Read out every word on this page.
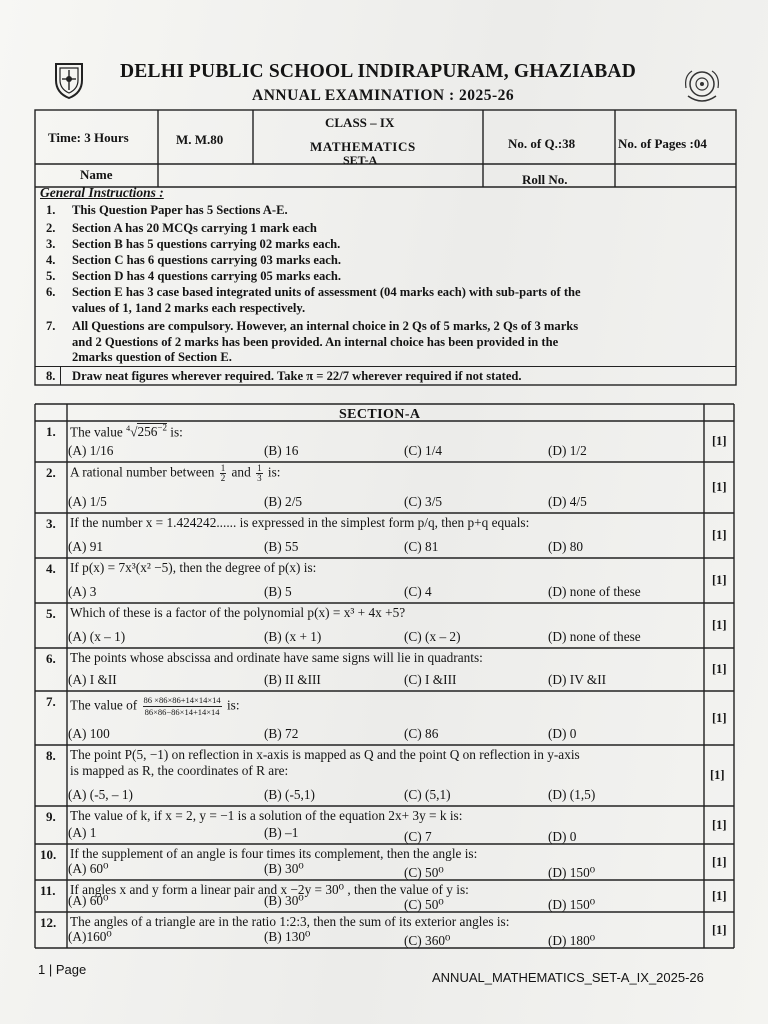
DELHI PUBLIC SCHOOL INDIRAPURAM, GHAZIABAD
ANNUAL EXAMINATION : 2025-26
Time: 3 Hours	M. M.80
CLASS – IX
MATHEMATICS
SET-A
No. of Q.:38	No. of Pages :04
Name	Roll No.
General Instructions :
1. This Question Paper has 5 Sections A-E.
2. Section A has 20 MCQs carrying 1 mark each
3. Section B has 5 questions carrying 02 marks each.
4. Section C has 6 questions carrying 03 marks each.
5. Section D has 4 questions carrying 05 marks each.
6. Section E has 3 case based integrated units of assessment (04 marks each) with sub-parts of the
values of 1, 1and 2 marks each respectively.
7. All Questions are compulsory. However, an internal choice in 2 Qs of 5 marks, 2 Qs of 3 marks
and 2 Questions of 2 marks has been provided. An internal choice has been provided in the
2marks question of Section E.
8. Draw neat figures wherever required. Take π = 22/7 wherever required if not stated.
SECTION-A
1. The value $^4√256^{-2}$ is:
(A) 1/16	(B) 16	(C) 1/4	(D) 1/2
[1]
2. A rational number between $\frac{1}{2}$ and $\frac{1}{3}$ is:
(A) 1/5	(B) 2/5	(C) 3/5	(D) 4/5
[1]
3. If the number x = 1.424242...... is expressed in the simplest form p/q, then p+q equals:
(A) 91	(B) 55	(C) 81	(D) 80
[1]
4. If p(x) = 7x³(x² −5), then the degree of p(x) is:
(A) 3	(B) 5	(C) 4	(D) none of these
[1]
5. Which of these is a factor of the polynomial p(x) = x³ + 4x +5?
(A) (x – 1)	(B) (x + 1)	(C) (x – 2)	(D) none of these
[1]
6. The points whose abscissa and ordinate have same signs will lie in quadrants:
(A) I &II	(B) II &III	(C) I &III	(D) IV &II
[1]
7. The value of $\frac{86 \times 86\times 86+14\times 14\times 14}{86\times 86-86\times 14+14\times 14}$ is:
(A) 100	(B) 72	(C) 86	(D) 0
[1]
8. The point P(5, −1) on reflection in x-axis is mapped as Q and the point Q on reflection in y-axis
is mapped as R, the coordinates of R are:
(A) (-5, – 1)	(B) (-5,1)	(C) (5,1)	(D) (1,5)
[1]
9. The value of k, if x = 2, y = −1 is a solution of the equation 2x+ 3y = k is:
(A) 1	(B) –1	(C) 7	(D) 0
[1]
10. If the supplement of an angle is four times its complement, then the angle is:
(A) 60⁰	(B) 30⁰	(C) 50⁰	(D) 150⁰
[1]
11. If angles x and y form a linear pair and x −2y = 30⁰ , then the value of y is:
(A) 60⁰	(B) 30⁰	(C) 50⁰	(D) 150⁰
[1]
12. The angles of a triangle are in the ratio 1:2:3, then the sum of its exterior angles is:
(A)160⁰	(B) 130⁰	(C) 360⁰	(D) 180⁰
[1]
1 | Page
ANNUAL_MATHEMATICS_SET-A_IX_2025-26
